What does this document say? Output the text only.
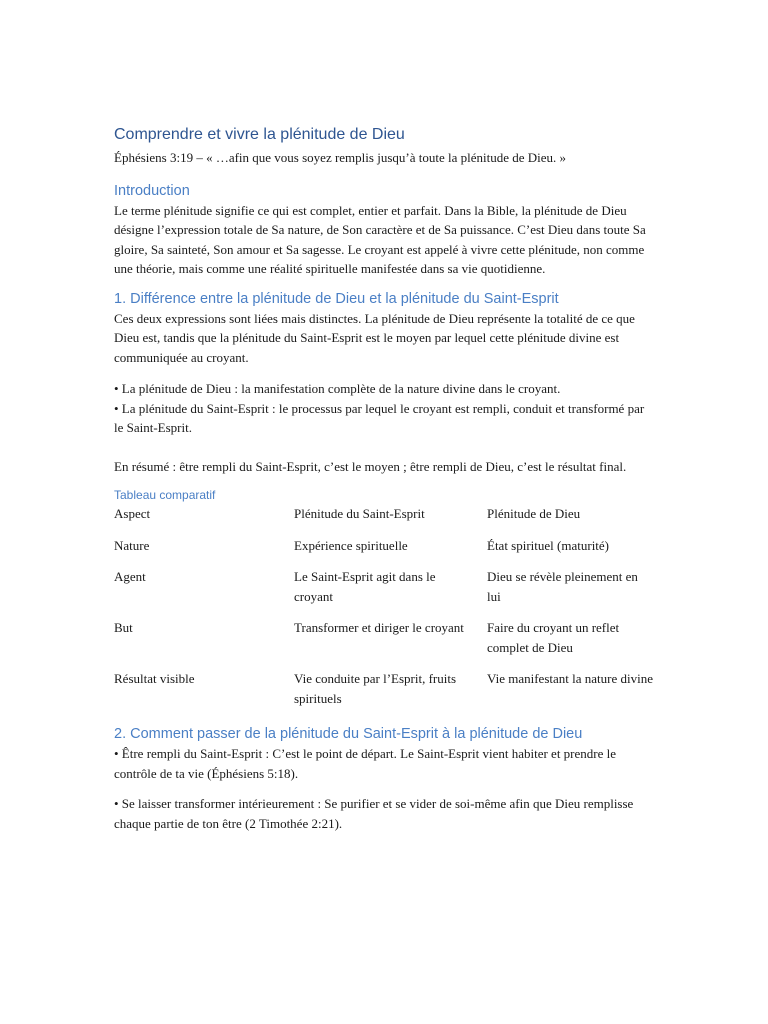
Comprendre et vivre la plénitude de Dieu

Éphésiens 3:19 – « …afin que vous soyez remplis jusqu’à toute la plénitude de Dieu. »

Introduction

Le terme plénitude signifie ce qui est complet, entier et parfait. Dans la Bible, la plénitude de Dieu désigne l’expression totale de Sa nature, de Son caractère et de Sa puissance. C’est Dieu dans toute Sa gloire, Sa sainteté, Son amour et Sa sagesse. Le croyant est appelé à vivre cette plénitude, non comme une théorie, mais comme une réalité spirituelle manifestée dans sa vie quotidienne.

1. Différence entre la plénitude de Dieu et la plénitude du Saint-Esprit

Ces deux expressions sont liées mais distinctes. La plénitude de Dieu représente la totalité de ce que Dieu est, tandis que la plénitude du Saint-Esprit est le moyen par lequel cette plénitude divine est communiquée au croyant.

• La plénitude de Dieu : la manifestation complète de la nature divine dans le croyant.

• La plénitude du Saint-Esprit : le processus par lequel le croyant est rempli, conduit et transformé par le Saint-Esprit.

En résumé : être rempli du Saint-Esprit, c’est le moyen ; être rempli de Dieu, c’est le résultat final.

Tableau comparatif
Aspect	Plénitude du Saint-Esprit	Plénitude de Dieu
Nature	Expérience spirituelle	État spirituel (maturité)
Agent	Le Saint-Esprit agit dans le croyant	Dieu se révèle pleinement en lui
But	Transformer et diriger le croyant	Faire du croyant un reflet complet de Dieu
Résultat visible	Vie conduite par l’Esprit, fruits spirituels	Vie manifestant la nature divine
2. Comment passer de la plénitude du Saint-Esprit à la plénitude de Dieu

• Être rempli du Saint-Esprit : C’est le point de départ. Le Saint-Esprit vient habiter et prendre le contrôle de ta vie (Éphésiens 5:18).

• Se laisser transformer intérieurement : Se purifier et se vider de soi-même afin que Dieu remplisse chaque partie de ton être (2 Timothée 2:21).
